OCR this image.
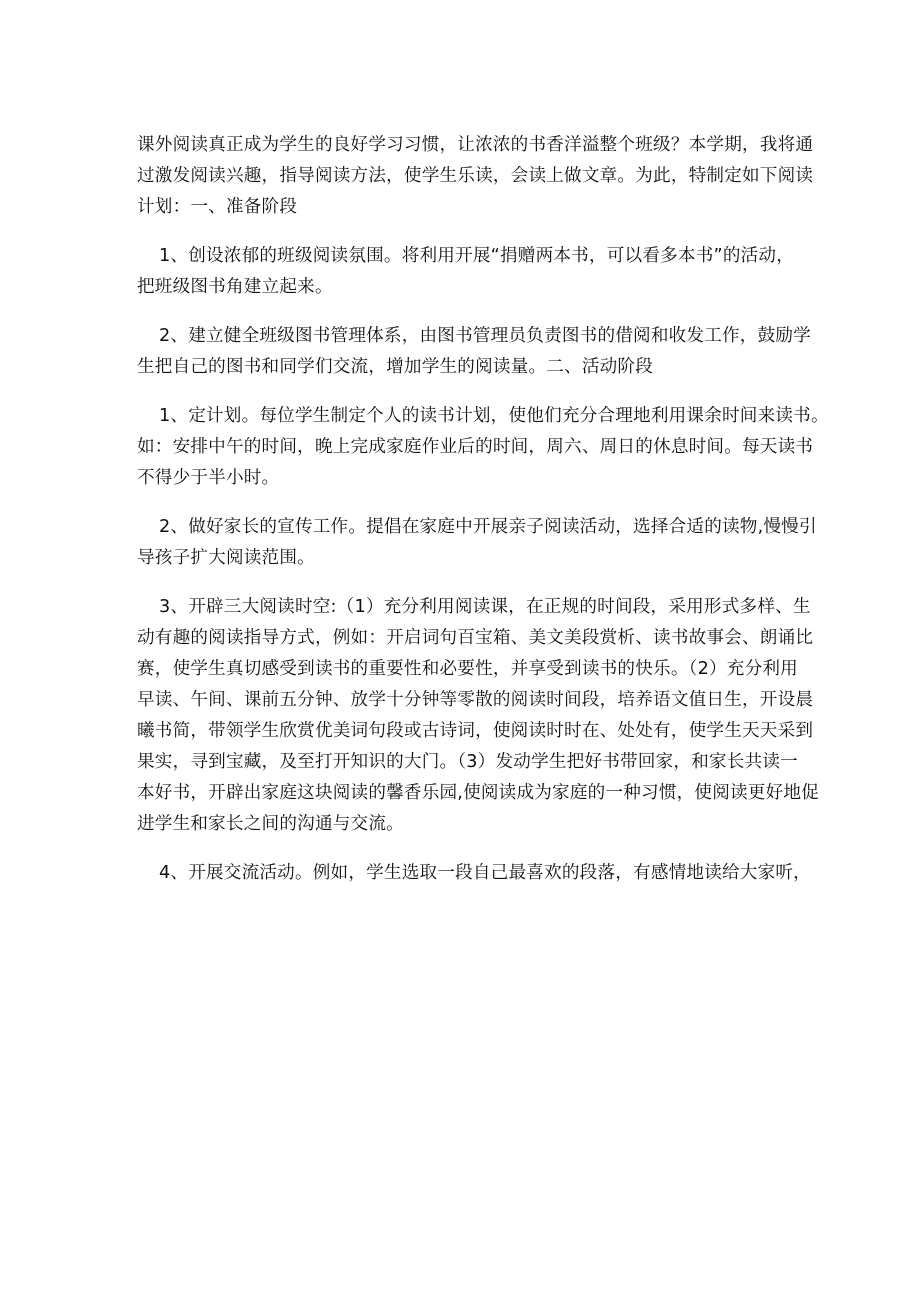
课外阅读真正成为学生的良好学习习惯，让浓浓的书香洋溢整个班级？本学期，我将通
过激发阅读兴趣，指导阅读方法，使学生乐读，会读上做文章。为此，特制定如下阅读
计划：一、准备阶段
1、创设浓郁的班级阅读氛围。将利用开展“捐赠两本书，可以看多本书”的活动，
把班级图书角建立起来。
2、建立健全班级图书管理体系，由图书管理员负责图书的借阅和收发工作，鼓励学
生把自己的图书和同学们交流，增加学生的阅读量。二、活动阶段
1、定计划。每位学生制定个人的读书计划，使他们充分合理地利用课余时间来读书。
如：安排中午的时间，晚上完成家庭作业后的时间，周六、周日的休息时间。每天读书
不得少于半小时。
2、做好家长的宣传工作。提倡在家庭中开展亲子阅读活动，选择合适的读物,慢慢引
导孩子扩大阅读范围。
3、开辟三大阅读时空:（1）充分利用阅读课，在正规的时间段，采用形式多样、生
动有趣的阅读指导方式，例如：开启词句百宝箱、美文美段赏析、读书故事会、朗诵比
赛，使学生真切感受到读书的重要性和必要性，并享受到读书的快乐。（2）充分利用
早读、午间、课前五分钟、放学十分钟等零散的阅读时间段，培养语文值日生，开设晨
曦书简，带领学生欣赏优美词句段或古诗词，使阅读时时在、处处有，使学生天天采到
果实，寻到宝藏，及至打开知识的大门。（3）发动学生把好书带回家，和家长共读一
本好书，开辟出家庭这块阅读的馨香乐园,使阅读成为家庭的一种习惯，使阅读更好地促
进学生和家长之间的沟通与交流。
4、开展交流活动。例如，学生选取一段自己最喜欢的段落，有感情地读给大家听，
